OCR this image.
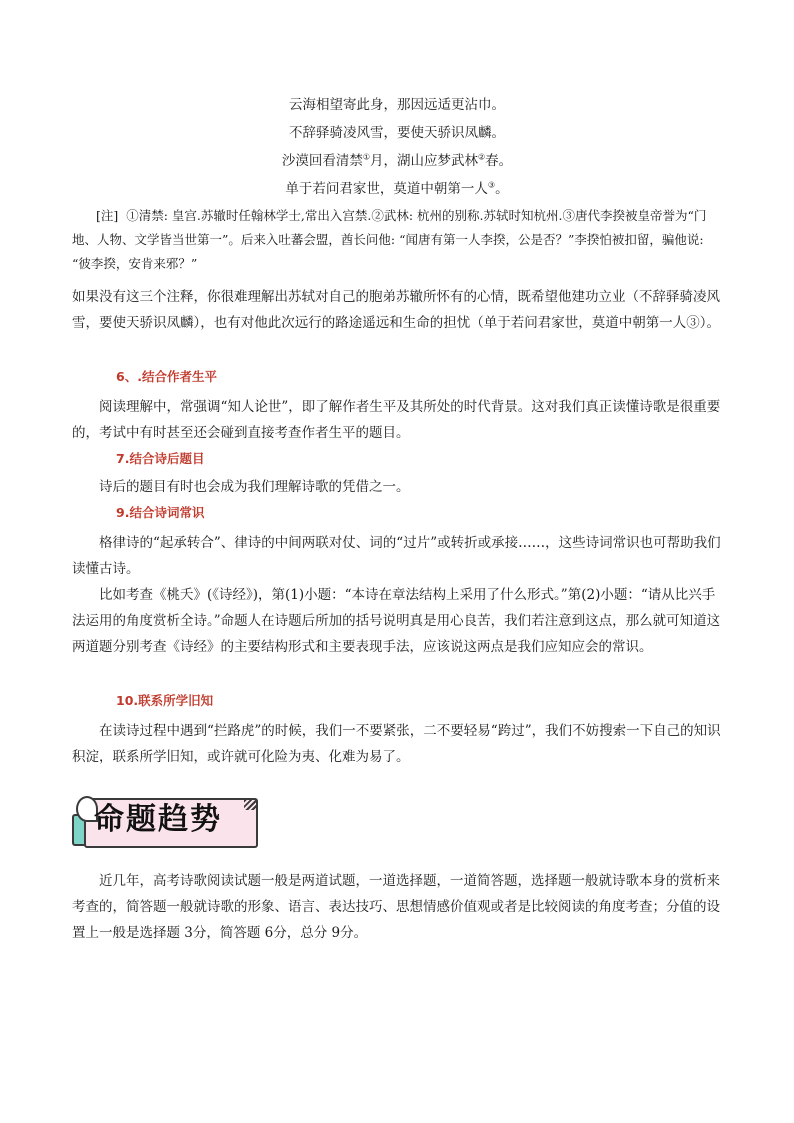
云海相望寄此身，那因远适更沾巾。
不辞驿骑凌风雪，要使天骄识凤麟。
沙漠回看清禁①月，湖山应梦武林②春。
单于若问君家世，莫道中朝第一人③。
[注] ①清禁: 皇宫.苏辙时任翰林学士,常出入宫禁.②武林: 杭州的别称.苏轼时知杭州.③唐代李揆被皇帝誉为“门地、人物、文学皆当世第一”。后来入吐蕃会盟，酋长问他: “闻唐有第一人李揆，公是否？”李揆怕被扣留，骗他说: “彼李揆，安肯来邪？”
如果没有这三个注释，你很难理解出苏轼对自己的胞弟苏辙所怀有的心情，既希望他建功立业（不辞驿骑凌风雪，要使天骄识凤麟），也有对他此次远行的路途遥远和生命的担忧（单于若问君家世，莫道中朝第一人③）。
6、.结合作者生平
阅读理解中，常强调“知人论世”，即了解作者生平及其所处的时代背景。这对我们真正读懂诗歌是很重要的，考试中有时甚至还会碰到直接考查作者生平的题目。
7.结合诗后题目
诗后的题目有时也会成为我们理解诗歌的凭借之一。
9.结合诗词常识
格律诗的“起承转合”、律诗的中间两联对仗、词的“过片”或转折或承接……，这些诗词常识也可帮助我们读懂古诗。
比如考查《桃夭》(《诗经》)，第(1)小题：“本诗在章法结构上采用了什么形式。”第(2)小题：“请从比兴手法运用的角度赏析全诗。”命题人在诗题后所加的括号说明真是用心良苦，我们若注意到这点，那么就可知道这两道题分别考查《诗经》的主要结构形式和主要表现手法，应该说这两点是我们应知应会的常识。
10.联系所学旧知
在读诗过程中遇到“拦路虎”的时候，我们一不要紧张，二不要轻易“跨过”，我们不妨搜索一下自己的知识积淀，联系所学旧知，或许就可化险为夷、化难为易了。
命题趋势
近几年，高考诗歌阅读试题一般是两道试题，一道选择题，一道简答题，选择题一般就诗歌本身的赏析来考查的，简答题一般就诗歌的形象、语言、表达技巧、思想情感价值观或者是比较阅读的角度考查；分值的设置上一般是选择题 3分，简答题 6分，总分 9分。
